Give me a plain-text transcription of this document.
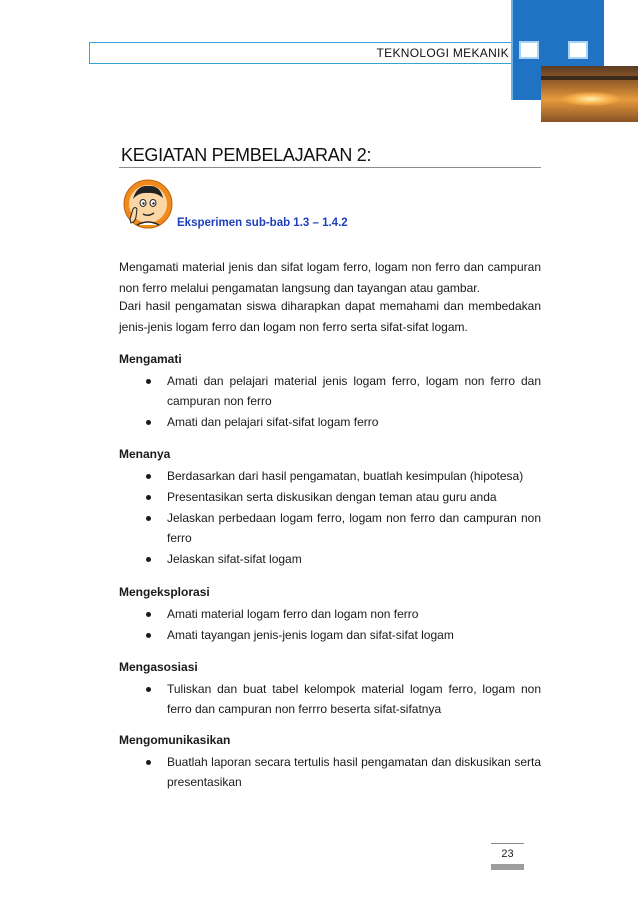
TEKNOLOGI MEKANIK
KEGIATAN PEMBELAJARAN 2:
Eksperimen sub-bab 1.3 – 1.4.2
Mengamati material jenis dan sifat logam ferro, logam non ferro dan campuran non ferro melalui pengamatan langsung dan tayangan atau gambar.
Dari hasil pengamatan siswa diharapkan dapat memahami dan membedakan jenis-jenis logam ferro dan logam non ferro serta sifat-sifat logam.
Mengamati
Amati dan pelajari material jenis logam ferro, logam non ferro dan campuran non ferro
Amati dan pelajari sifat-sifat logam ferro
Menanya
Berdasarkan dari hasil pengamatan, buatlah kesimpulan (hipotesa)
Presentasikan serta diskusikan dengan teman atau guru anda
Jelaskan perbedaan logam ferro, logam non ferro dan campuran non ferro
Jelaskan sifat-sifat logam
Mengeksplorasi
Amati material logam ferro dan logam non ferro
Amati tayangan jenis-jenis logam dan sifat-sifat logam
Mengasosiasi
Tuliskan dan buat tabel kelompok material logam ferro, logam non ferro dan campuran non ferrro beserta sifat-sifatnya
Mengomunikasikan
Buatlah laporan secara tertulis hasil pengamatan dan diskusikan serta presentasikan
23
